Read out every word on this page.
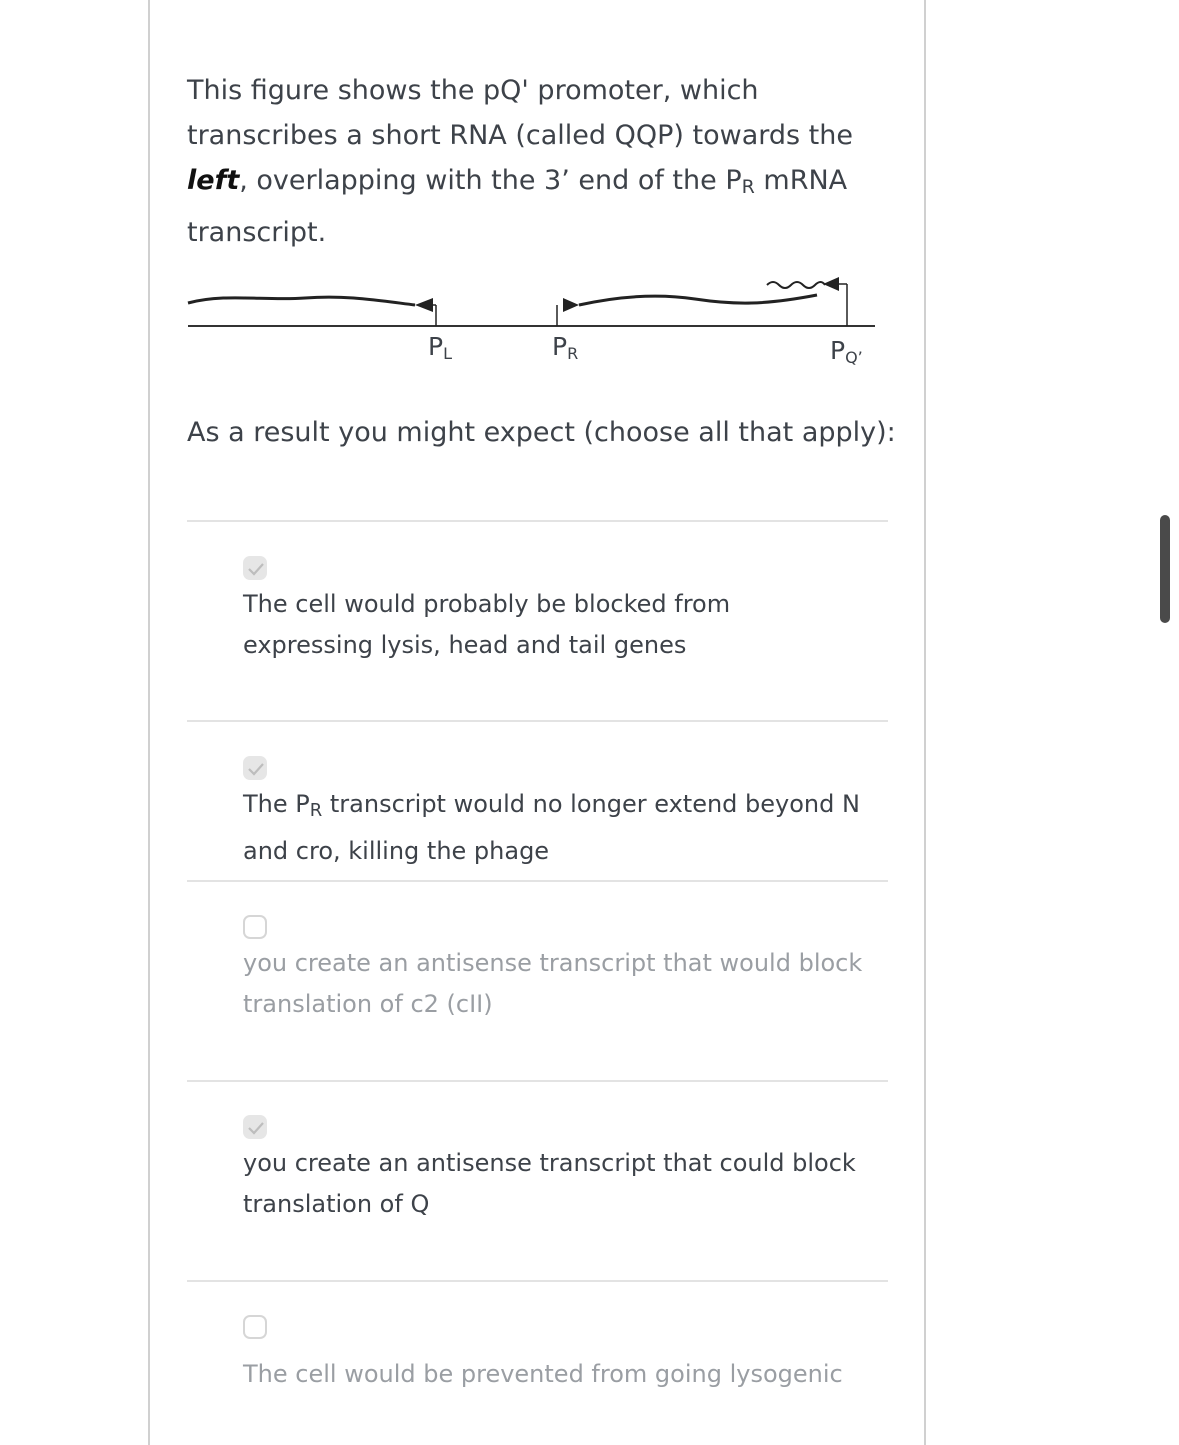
This figure shows the pQ' promoter, which transcribes a short RNA (called QQP) towards the left, overlapping with the 3’ end of the $P_R$ mRNA transcript.
$P_L$	$P_R$	$P_{Q’}$
As a result you might expect (choose all that apply):
The cell would probably be blocked from expressing lysis, head and tail genes
The $P_R$ transcript would no longer extend beyond N and cro, killing the phage
you create an antisense transcript that would block translation of c2 (cII)
you create an antisense transcript that could block translation of Q
The cell would be prevented from going lysogenic
